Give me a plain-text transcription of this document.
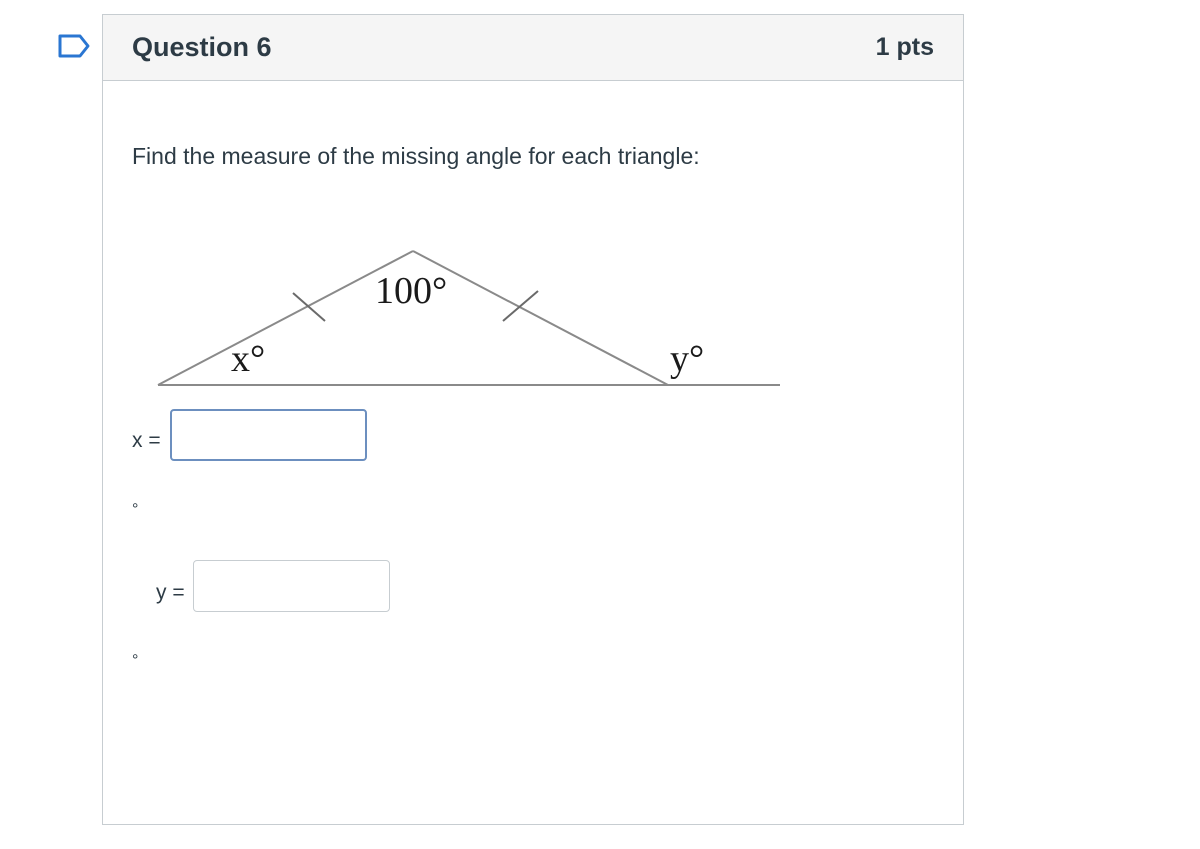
Question 6	1 pts
Find the measure of the missing angle for each triangle:
100°
x°	y°
x =
°
y =
°
